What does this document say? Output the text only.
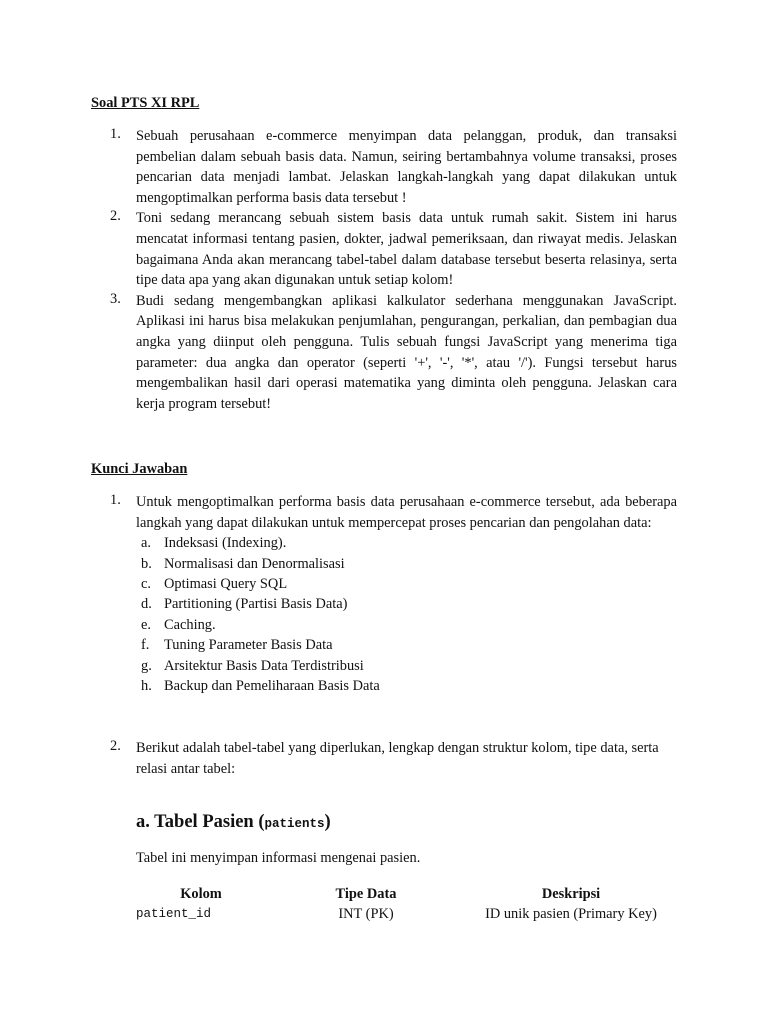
Soal PTS XI RPL

1. Sebuah perusahaan e-commerce menyimpan data pelanggan, produk, dan transaksi pembelian dalam sebuah basis data. Namun, seiring bertambahnya volume transaksi, proses pencarian data menjadi lambat. Jelaskan langkah-langkah yang dapat dilakukan untuk mengoptimalkan performa basis data tersebut !

2. Toni sedang merancang sebuah sistem basis data untuk rumah sakit. Sistem ini harus mencatat informasi tentang pasien, dokter, jadwal pemeriksaan, dan riwayat medis. Jelaskan bagaimana Anda akan merancang tabel-tabel dalam database tersebut beserta relasinya, serta tipe data apa yang akan digunakan untuk setiap kolom!

3. Budi sedang mengembangkan aplikasi kalkulator sederhana menggunakan JavaScript. Aplikasi ini harus bisa melakukan penjumlahan, pengurangan, perkalian, dan pembagian dua angka yang diinput oleh pengguna. Tulis sebuah fungsi JavaScript yang menerima tiga parameter: dua angka dan operator (seperti '+', '-', '*', atau '/'). Fungsi tersebut harus mengembalikan hasil dari operasi matematika yang diminta oleh pengguna. Jelaskan cara kerja program tersebut!

Kunci Jawaban

1. Untuk mengoptimalkan performa basis data perusahaan e-commerce tersebut, ada beberapa langkah yang dapat dilakukan untuk mempercepat proses pencarian dan pengolahan data:

a. Indeksasi (Indexing).
b. Normalisasi dan Denormalisasi
c. Optimasi Query SQL
d. Partitioning (Partisi Basis Data)
e. Caching.
f. Tuning Parameter Basis Data
g. Arsitektur Basis Data Terdistribusi
h. Backup dan Pemeliharaan Basis Data
2. Berikut adalah tabel-tabel yang diperlukan, lengkap dengan struktur kolom, tipe data, serta relasi antar tabel:

a. Tabel Pasien (patients)

Tabel ini menyimpan informasi mengenai pasien.

Kolom	Tipe Data	Deskripsi
patient_id	INT (PK)	ID unik pasien (Primary Key)
